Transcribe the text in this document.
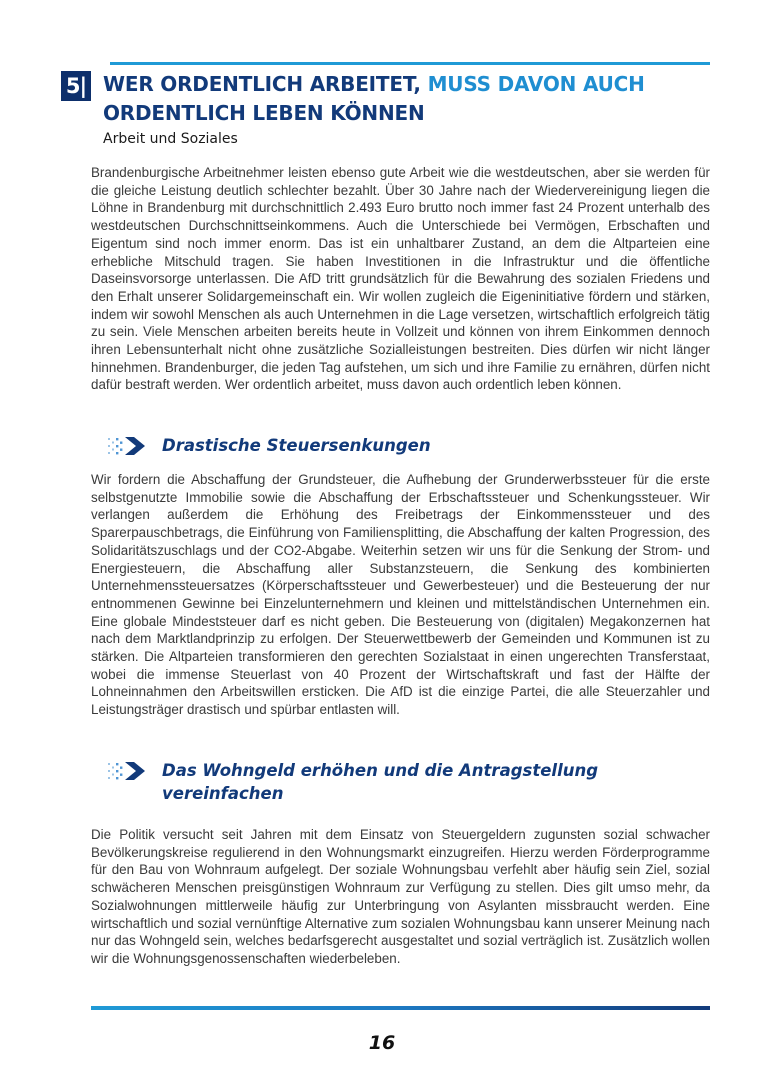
5| WER ORDENTLICH ARBEITET, MUSS DAVON AUCH
ORDENTLICH LEBEN KÖNNEN

Arbeit und Soziales

Brandenburgische Arbeitnehmer leisten ebenso gute Arbeit wie die westdeutschen, aber sie werden für die gleiche Leistung deutlich schlechter bezahlt. Über 30 Jahre nach der Wiedervereinigung liegen die Löhne in Brandenburg mit durchschnittlich 2.493 Euro brutto noch immer fast 24 Prozent unterhalb des westdeutschen Durchschnittseinkommens. Auch die Unterschiede bei Vermögen, Erbschaften und Eigentum sind noch immer enorm. Das ist ein unhaltbarer Zustand, an dem die Altparteien eine erhebliche Mitschuld tragen. Sie haben Investitionen in die Infrastruktur und die öffentliche Daseinsvorsorge unterlassen. Die AfD tritt grundsätzlich für die Bewahrung des sozialen Friedens und den Erhalt unserer Solidargemeinschaft ein. Wir wollen zugleich die Eigeninitiative fördern und stärken, indem wir sowohl Menschen als auch Unternehmen in die Lage versetzen, wirtschaftlich erfolgreich tätig zu sein. Viele Menschen arbeiten bereits heute in Vollzeit und können von ihrem Einkommen dennoch ihren Lebensunterhalt nicht ohne zusätzliche Sozialleistungen bestreiten. Dies dürfen wir nicht länger hinnehmen. Brandenburger, die jeden Tag aufstehen, um sich und ihre Familie zu ernähren, dürfen nicht dafür bestraft werden. Wer ordentlich arbeitet, muss davon auch ordentlich leben können.

Drastische Steuersenkungen

Wir fordern die Abschaffung der Grundsteuer, die Aufhebung der Grunderwerbssteuer für die erste selbstgenutzte Immobilie sowie die Abschaffung der Erbschaftssteuer und Schenkungssteuer. Wir verlangen außerdem die Erhöhung des Freibetrags der Einkommenssteuer und des Sparerpauschbetrags, die Einführung von Familiensplitting, die Abschaffung der kalten Progression, des Solidaritätszuschlags und der CO2-Abgabe. Weiterhin setzen wir uns für die Senkung der Strom- und Energiesteuern, die Abschaffung aller Substanzsteuern, die Senkung des kombinierten Unternehmenssteuersatzes (Körperschaftssteuer und Gewerbesteuer) und die Besteuerung der nur entnommenen Gewinne bei Einzelunternehmern und kleinen und mittelständischen Unternehmen ein. Eine globale Mindeststeuer darf es nicht geben. Die Besteuerung von (digitalen) Megakonzernen hat nach dem Marktlandprinzip zu erfolgen. Der Steuerwettbewerb der Gemeinden und Kommunen ist zu stärken. Die Altparteien transformieren den gerechten Sozialstaat in einen ungerechten Transferstaat, wobei die immense Steuerlast von 40 Prozent der Wirtschaftskraft und fast der Hälfte der Lohneinnahmen den Arbeitswillen ersticken. Die AfD ist die einzige Partei, die alle Steuerzahler und Leistungsträger drastisch und spürbar entlasten will.

Das Wohngeld erhöhen und die Antragstellung vereinfachen

Die Politik versucht seit Jahren mit dem Einsatz von Steuergeldern zugunsten sozial schwacher Bevölkerungskreise regulierend in den Wohnungsmarkt einzugreifen. Hierzu werden Förderprogramme für den Bau von Wohnraum aufgelegt. Der soziale Wohnungsbau verfehlt aber häufig sein Ziel, sozial schwächeren Menschen preisgünstigen Wohnraum zur Verfügung zu stellen. Dies gilt umso mehr, da Sozialwohnungen mittlerweile häufig zur Unterbringung von Asylanten missbraucht werden. Eine wirtschaftlich und sozial vernünftige Alternative zum sozialen Wohnungsbau kann unserer Meinung nach nur das Wohngeld sein, welches bedarfsgerecht ausgestaltet und sozial verträglich ist. Zusätzlich wollen wir die Wohnungsgenossenschaften wiederbeleben.

16
